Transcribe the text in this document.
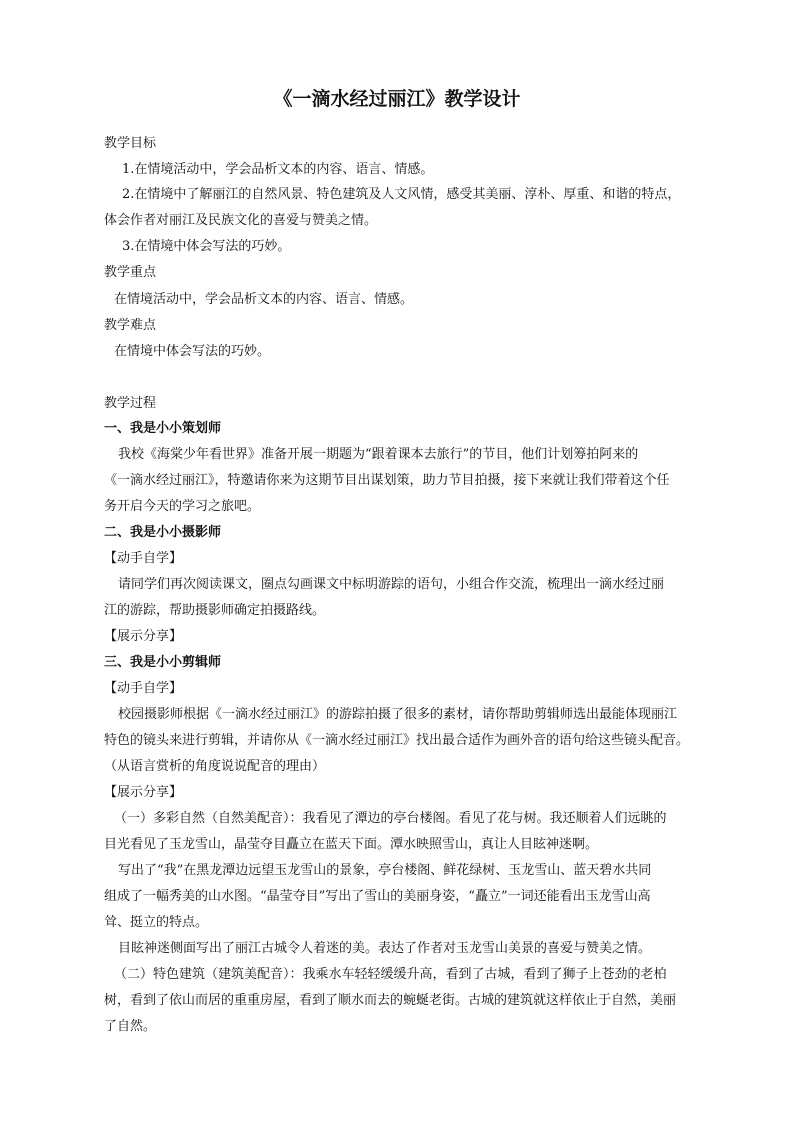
《一滴水经过丽江》教学设计

教学目标

1.在情境活动中，学会品析文本的内容、语言、情感。

2.在情境中了解丽江的自然风景、特色建筑及人文风情，感受其美丽、淳朴、厚重、和谐的特点，

体会作者对丽江及民族文化的喜爱与赞美之情。

3.在情境中体会写法的巧妙。

教学重点

在情境活动中，学会品析文本的内容、语言、情感。

教学难点

在情境中体会写法的巧妙。

教学过程

一、我是小小策划师

我校《海棠少年看世界》准备开展一期题为“跟着课本去旅行”的节目，他们计划筹拍阿来的

《一滴水经过丽江》，特邀请你来为这期节目出谋划策，助力节目拍摄，接下来就让我们带着这个任

务开启今天的学习之旅吧。

二、我是小小摄影师

【动手自学】

请同学们再次阅读课文，圈点勾画课文中标明游踪的语句，小组合作交流，梳理出一滴水经过丽

江的游踪，帮助摄影师确定拍摄路线。

【展示分享】

三、我是小小剪辑师

【动手自学】

校园摄影师根据《一滴水经过丽江》的游踪拍摄了很多的素材，请你帮助剪辑师选出最能体现丽江

特色的镜头来进行剪辑，并请你从《一滴水经过丽江》找出最合适作为画外音的语句给这些镜头配音。

（从语言赏析的角度说说配音的理由）

【展示分享】

（一）多彩自然（自然美配音）：我看见了潭边的亭台楼阁。看见了花与树。我还顺着人们远眺的

目光看见了玉龙雪山，晶莹夺目矗立在蓝天下面。潭水映照雪山，真让人目眩神迷啊。

写出了“我”在黑龙潭边远望玉龙雪山的景象，亭台楼阁、鲜花绿树、玉龙雪山、蓝天碧水共同

组成了一幅秀美的山水图。“晶莹夺目”写出了雪山的美丽身姿，“矗立”一词还能看出玉龙雪山高

耸、挺立的特点。

目眩神迷侧面写出了丽江古城令人着迷的美。表达了作者对玉龙雪山美景的喜爱与赞美之情。

（二）特色建筑（建筑美配音）：我乘水车轻轻缓缓升高，看到了古城，看到了狮子上苍劲的老柏

树，看到了依山而居的重重房屋，看到了顺水而去的蜿蜒老街。古城的建筑就这样依止于自然，美丽

了自然。
